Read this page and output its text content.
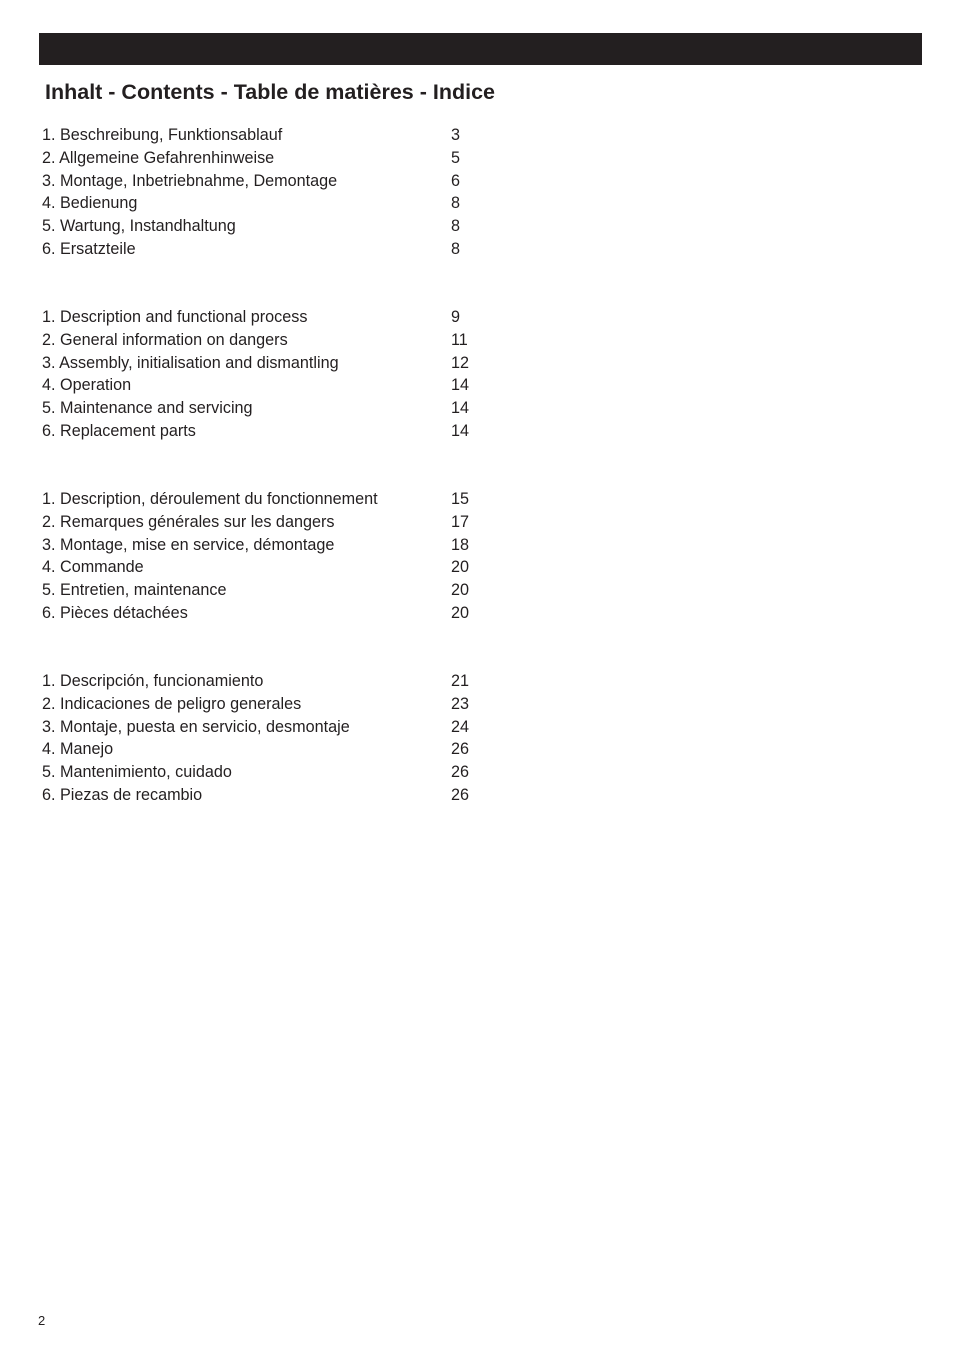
Inhalt - Contents - Table de matières - Indice
1. Beschreibung, Funktionsablauf	3
2. Allgemeine Gefahrenhinweise	5
3. Montage, Inbetriebnahme, Demontage	6
4. Bedienung	8
5. Wartung, Instandhaltung	8
6. Ersatzteile	8
1. Description and functional process	9
2. General information on dangers	11
3. Assembly, initialisation and dismantling	12
4. Operation	14
5. Maintenance and servicing	14
6. Replacement parts	14
1. Description, déroulement du fonctionnement	15
2. Remarques générales sur les dangers	17
3. Montage, mise en service, démontage	18
4. Commande	20
5. Entretien, maintenance	20
6. Pièces détachées	20
1. Descripción, funcionamiento	21
2. Indicaciones de peligro generales	23
3. Montaje, puesta en servicio, desmontaje	24
4. Manejo	26
5. Mantenimiento, cuidado	26
6. Piezas de recambio	26
2
